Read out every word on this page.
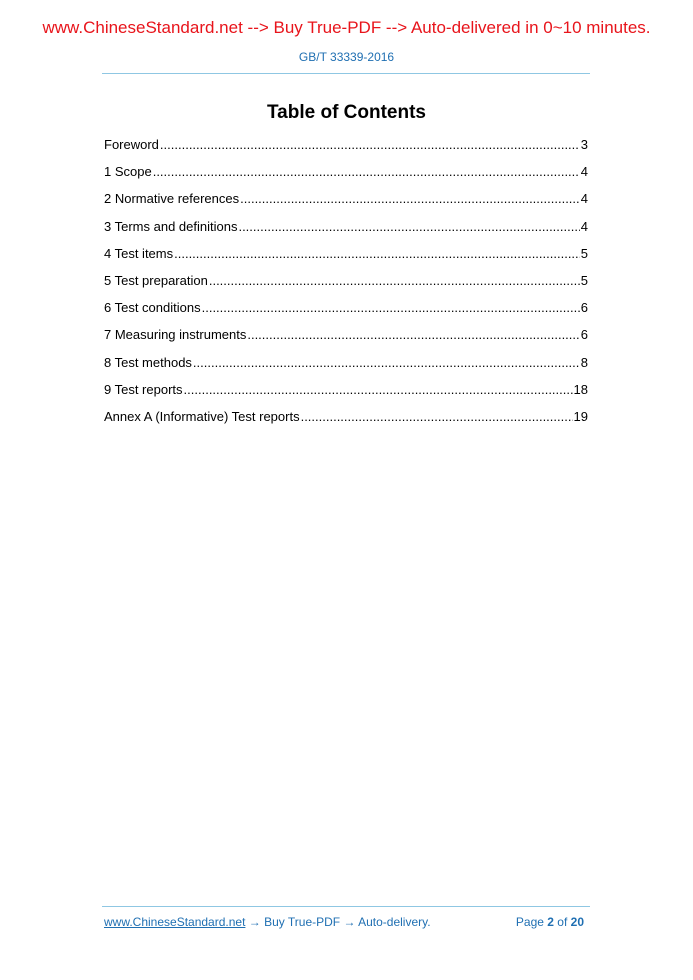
www.ChineseStandard.net --> Buy True-PDF --> Auto-delivered in 0~10 minutes.
GB/T 33339-2016
Table of Contents
Foreword .....	3
1 Scope .....	4
2 Normative references .....	4
3 Terms and definitions .....	4
4 Test items .....	5
5 Test preparation .....	5
6 Test conditions .....	6
7 Measuring instruments .....	6
8 Test methods .....	8
9 Test reports .....	18
Annex A (Informative) Test reports .....	19
www.ChineseStandard.net → Buy True-PDF → Auto-delivery.	Page 2 of 20
